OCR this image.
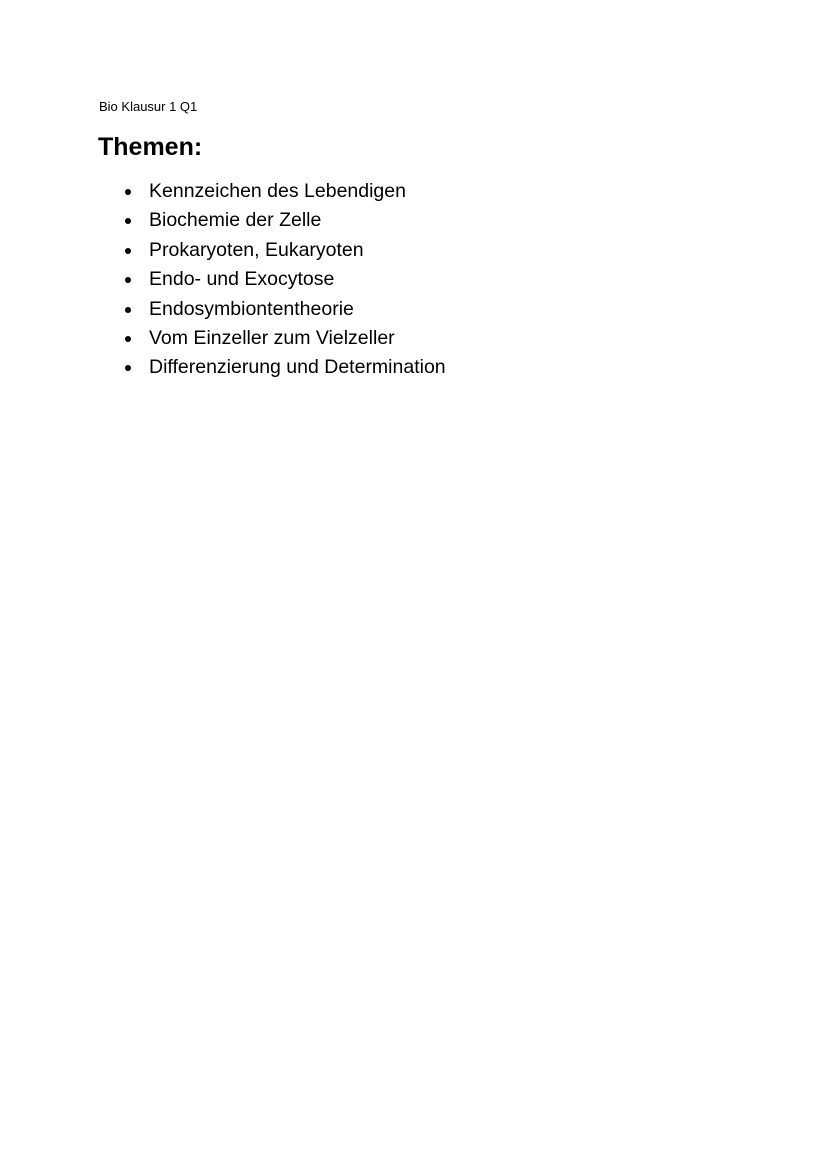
Bio Klausur 1 Q1

Themen:
Kennzeichen des Lebendigen
Biochemie der Zelle
Prokaryoten, Eukaryoten
Endo- und Exocytose
Endosymbiontentheorie
Vom Einzeller zum Vielzeller
Differenzierung und Determination
